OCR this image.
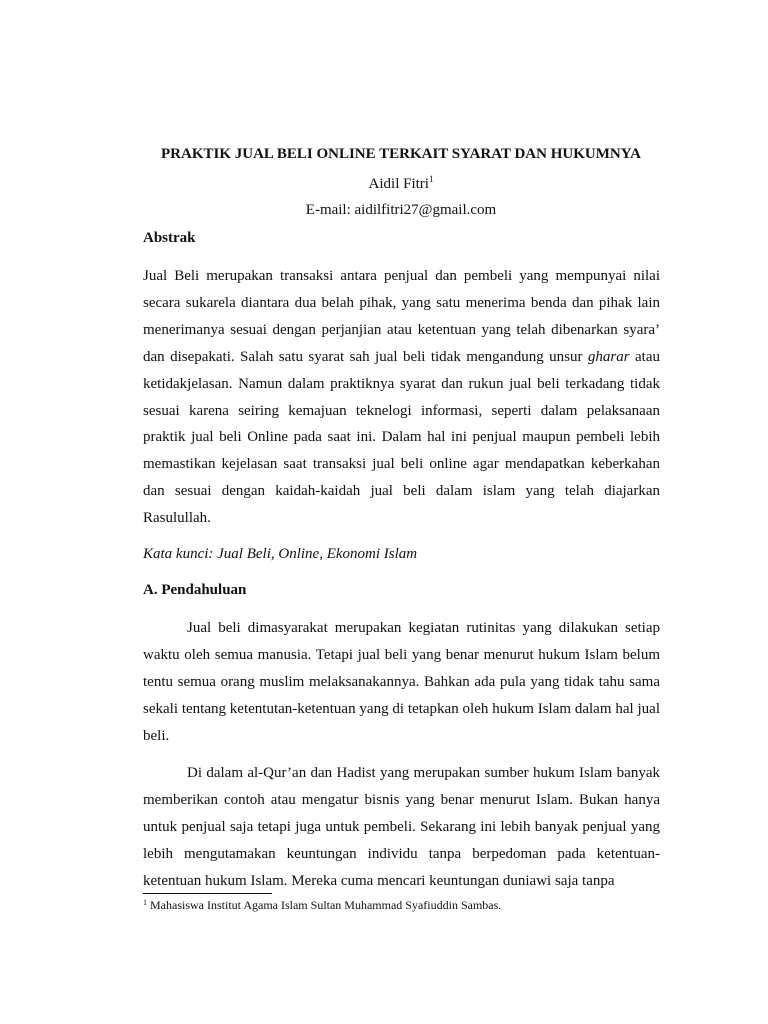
PRAKTIK JUAL BELI ONLINE TERKAIT SYARAT DAN HUKUMNYA
Aidil Fitri$^1$
E-mail: aidilfitri27@gmail.com
Abstrak

Jual Beli merupakan transaksi antara penjual dan pembeli yang mempunyai nilai secara sukarela diantara dua belah pihak, yang satu menerima benda dan pihak lain menerimanya sesuai dengan perjanjian atau ketentuan yang telah dibenarkan syara’ dan disepakati. Salah satu syarat sah jual beli tidak mengandung unsur gharar atau ketidakjelasan. Namun dalam praktiknya syarat dan rukun jual beli terkadang tidak sesuai karena seiring kemajuan teknelogi informasi, seperti dalam pelaksanaan praktik jual beli Online pada saat ini. Dalam hal ini penjual maupun pembeli lebih memastikan kejelasan saat transaksi jual beli online agar mendapatkan keberkahan dan sesuai dengan kaidah-kaidah jual beli dalam islam yang telah diajarkan Rasulullah.

Kata kunci: Jual Beli, Online, Ekonomi Islam
A. Pendahuluan

Jual beli dimasyarakat merupakan kegiatan rutinitas yang dilakukan setiap waktu oleh semua manusia. Tetapi jual beli yang benar menurut hukum Islam belum tentu semua orang muslim melaksanakannya. Bahkan ada pula yang tidak tahu sama sekali tentang ketentutan-ketentuan yang di tetapkan oleh hukum Islam dalam hal jual beli.

Di dalam al-Qur’an dan Hadist yang merupakan sumber hukum Islam banyak memberikan contoh atau mengatur bisnis yang benar menurut Islam. Bukan hanya untuk penjual saja tetapi juga untuk pembeli. Sekarang ini lebih banyak penjual yang lebih mengutamakan keuntungan individu tanpa berpedoman pada ketentuan-ketentuan hukum Islam. Mereka cuma mencari keuntungan duniawi saja tanpa

$^1$ Mahasiswa Institut Agama Islam Sultan Muhammad Syafiuddin Sambas.
